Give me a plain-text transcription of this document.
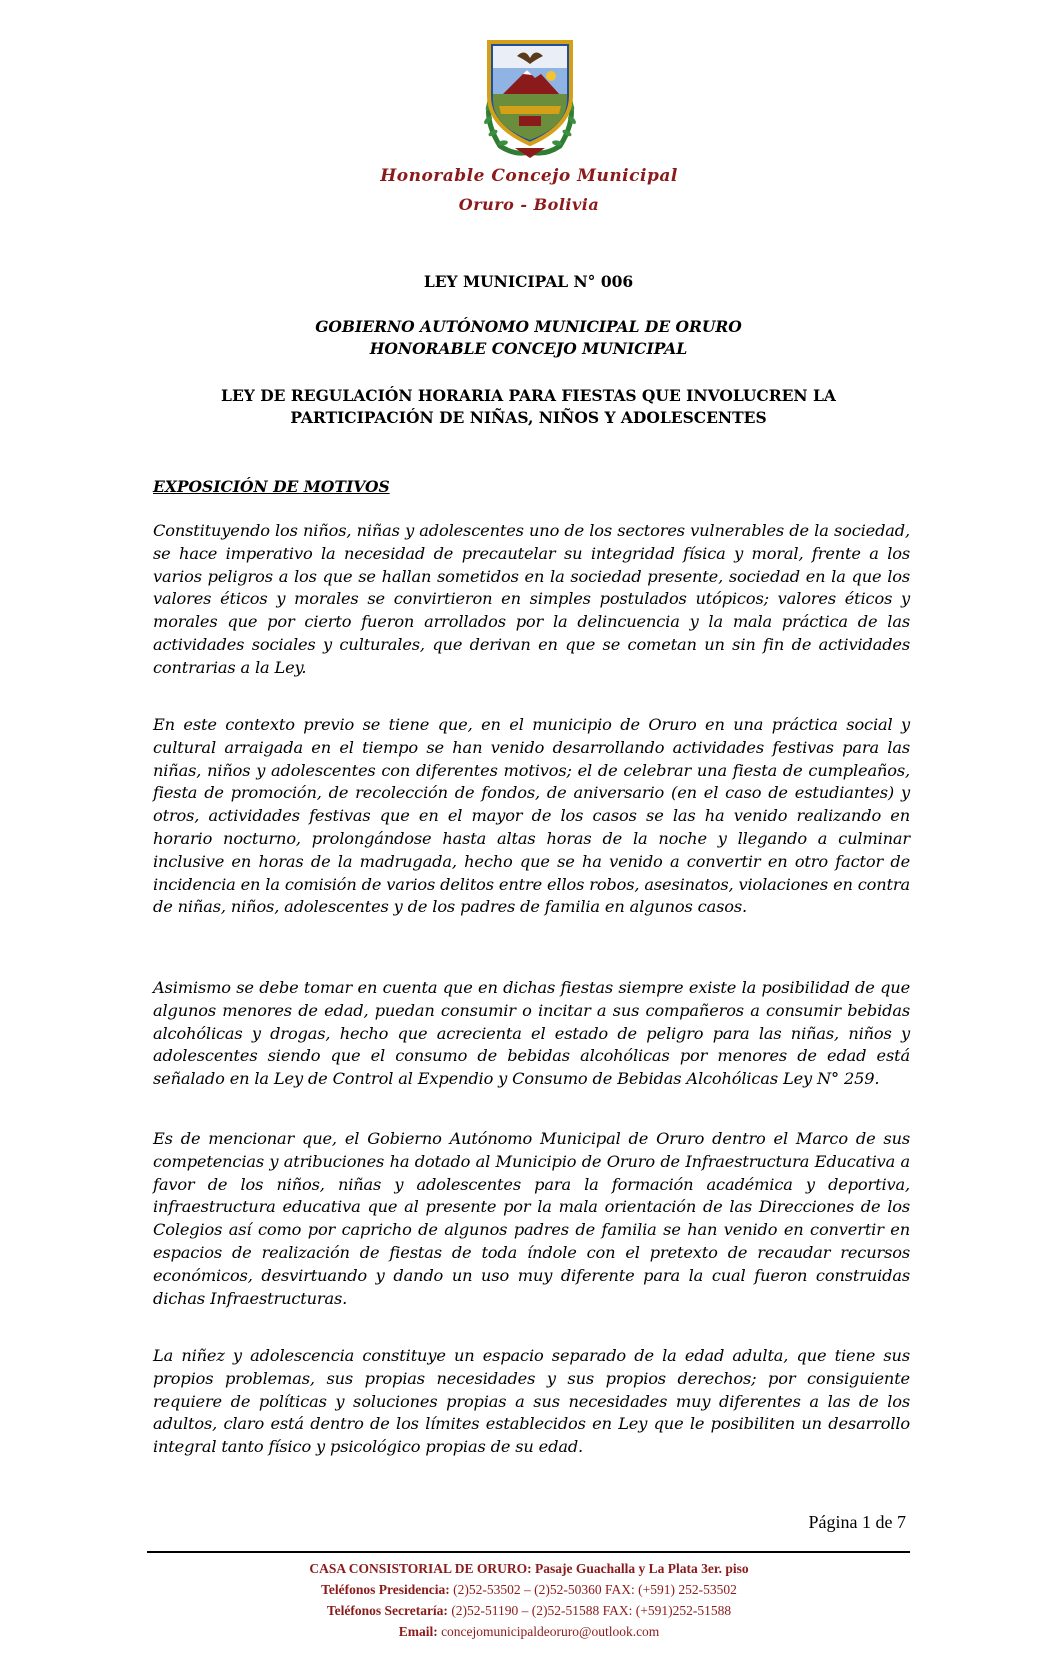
Honorable Concejo Municipal
Oruro - Bolivia
LEY MUNICIPAL N° 006
GOBIERNO AUTÓNOMO MUNICIPAL DE ORURO
HONORABLE CONCEJO MUNICIPAL
LEY DE REGULACIÓN HORARIA PARA FIESTAS QUE INVOLUCREN LA
PARTICIPACIÓN DE NIÑAS, NIÑOS Y ADOLESCENTES
EXPOSICIÓN DE MOTIVOS
Constituyendo los niños, niñas y adolescentes uno de los sectores vulnerables de la sociedad, se hace imperativo la necesidad de precautelar su integridad física y moral, frente a los varios peligros a los que se hallan sometidos en la sociedad presente, sociedad en la que los valores éticos y morales se convirtieron en simples postulados utópicos; valores éticos y morales que por cierto fueron arrollados por la delincuencia y la mala práctica de las actividades sociales y culturales, que derivan en que se cometan un sin fin de actividades contrarias a la Ley.
En este contexto previo se tiene que, en el municipio de Oruro en una práctica social y cultural arraigada en el tiempo se han venido desarrollando actividades festivas para las niñas, niños y adolescentes con diferentes motivos; el de celebrar una fiesta de cumpleaños, fiesta de promoción, de recolección de fondos, de aniversario (en el caso de estudiantes) y otros, actividades festivas que en el mayor de los casos se las ha venido realizando en horario nocturno, prolongándose hasta altas horas de la noche y llegando a culminar inclusive en horas de la madrugada, hecho que se ha venido a convertir en otro factor de incidencia en la comisión de varios delitos entre ellos robos, asesinatos, violaciones en contra de niñas, niños, adolescentes y de los padres de familia en algunos casos.
Asimismo se debe tomar en cuenta que en dichas fiestas siempre existe la posibilidad de que algunos menores de edad, puedan consumir o incitar a sus compañeros a consumir bebidas alcohólicas y drogas, hecho que acrecienta el estado de peligro para las niñas, niños y adolescentes siendo que el consumo de bebidas alcohólicas por menores de edad está señalado en la Ley de Control al Expendio y Consumo de Bebidas Alcohólicas Ley N° 259.
Es de mencionar que, el Gobierno Autónomo Municipal de Oruro dentro el Marco de sus competencias y atribuciones ha dotado al Municipio de Oruro de Infraestructura Educativa a favor de los niños, niñas y adolescentes para la formación académica y deportiva, infraestructura educativa que al presente por la mala orientación de las Direcciones de los Colegios así como por capricho de algunos padres de familia se han venido en convertir en espacios de realización de fiestas de toda índole con el pretexto de recaudar recursos económicos, desvirtuando y dando un uso muy diferente para la cual fueron construidas dichas Infraestructuras.
La niñez y adolescencia constituye un espacio separado de la edad adulta, que tiene sus propios problemas, sus propias necesidades y sus propios derechos; por consiguiente requiere de políticas y soluciones propias a sus necesidades muy diferentes a las de los adultos, claro está dentro de los límites establecidos en Ley que le posibiliten un desarrollo integral tanto físico y psicológico propias de su edad.
Página 1 de 7
CASA CONSISTORIAL DE ORURO: Pasaje Guachalla y La Plata 3er. piso
Teléfonos Presidencia: (2)52-53502 – (2)52-50360 FAX: (+591) 252-53502
Teléfonos Secretaría: (2)52-51190 – (2)52-51588 FAX: (+591)252-51588
Email: concejomunicipaldeoruro@outlook.com
